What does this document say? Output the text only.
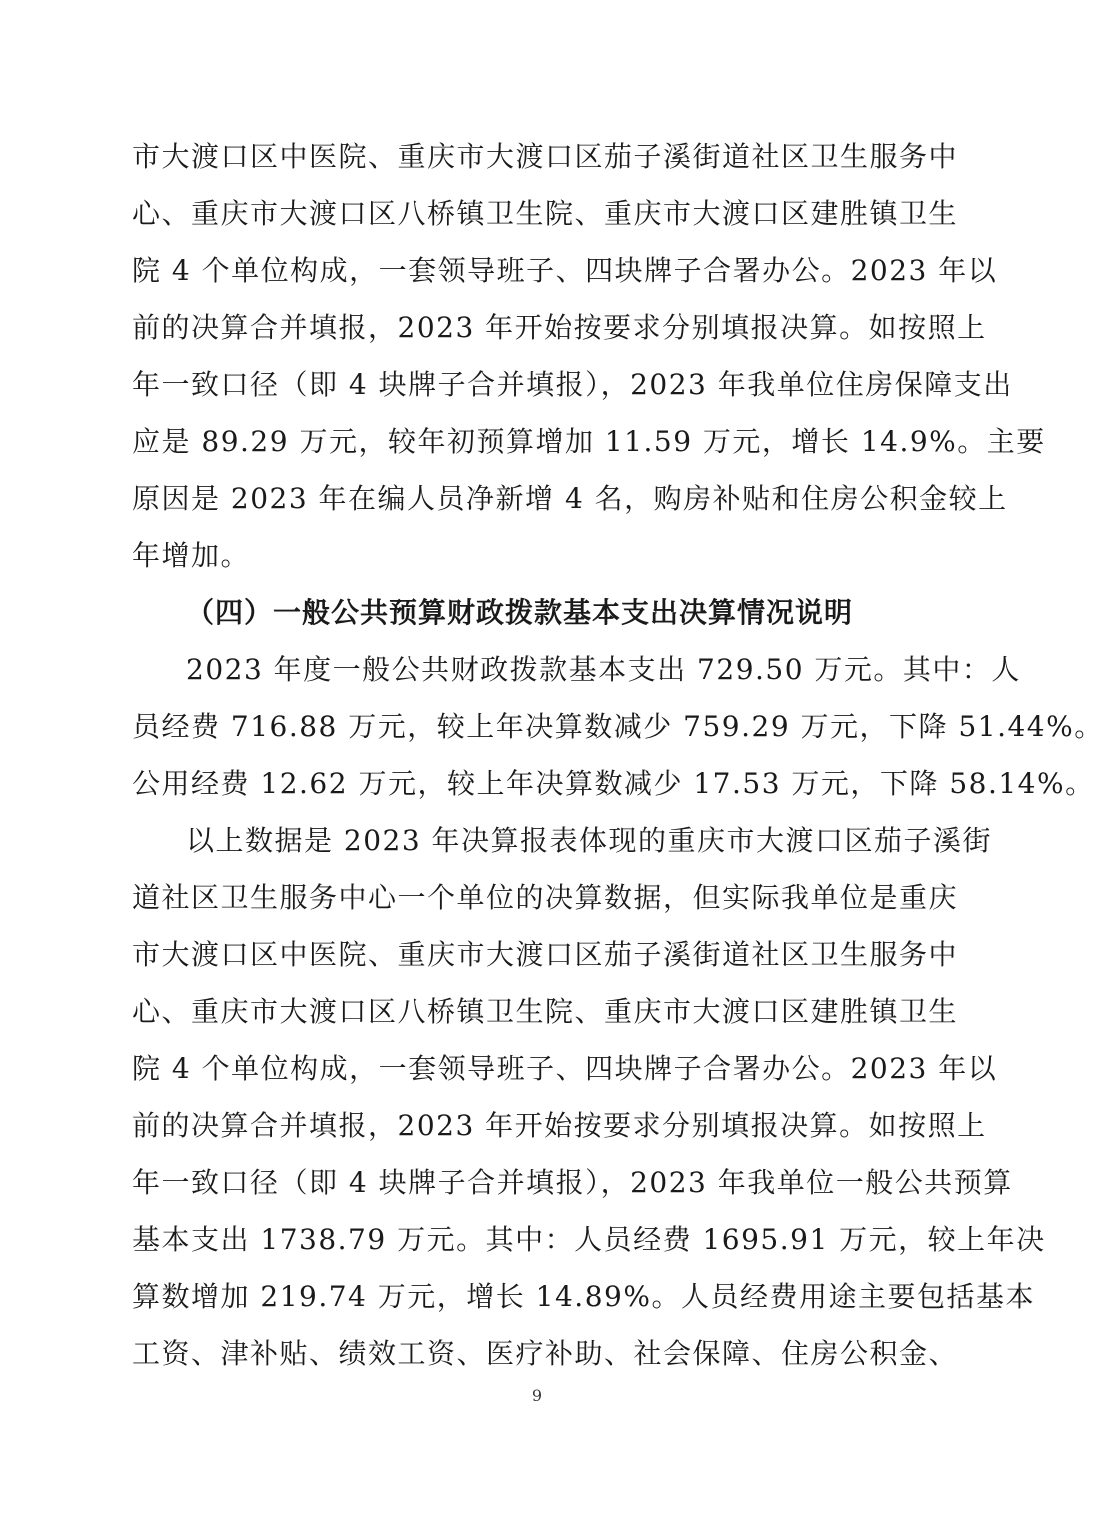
市大渡口区中医院、重庆市大渡口区茄子溪街道社区卫生服务中
心、重庆市大渡口区八桥镇卫生院、重庆市大渡口区建胜镇卫生
院 4 个单位构成，一套领导班子、四块牌子合署办公。2023 年以
前的决算合并填报，2023 年开始按要求分别填报决算。如按照上
年一致口径（即 4 块牌子合并填报），2023 年我单位住房保障支出
应是 89.29 万元，较年初预算增加 11.59 万元，增长 14.9%。主要
原因是 2023 年在编人员净新增 4 名，购房补贴和住房公积金较上
年增加。
（四）一般公共预算财政拨款基本支出决算情况说明
2023 年度一般公共财政拨款基本支出 729.50 万元。其中：人
员经费 716.88 万元，较上年决算数减少 759.29 万元，下降 51.44%。
公用经费 12.62 万元，较上年决算数减少 17.53 万元，下降 58.14%。
以上数据是 2023 年决算报表体现的重庆市大渡口区茄子溪街
道社区卫生服务中心一个单位的决算数据，但实际我单位是重庆
市大渡口区中医院、重庆市大渡口区茄子溪街道社区卫生服务中
心、重庆市大渡口区八桥镇卫生院、重庆市大渡口区建胜镇卫生
院 4 个单位构成，一套领导班子、四块牌子合署办公。2023 年以
前的决算合并填报，2023 年开始按要求分别填报决算。如按照上
年一致口径（即 4 块牌子合并填报），2023 年我单位一般公共预算
基本支出 1738.79 万元。其中：人员经费 1695.91 万元，较上年决
算数增加 219.74 万元，增长 14.89%。人员经费用途主要包括基本
工资、津补贴、绩效工资、医疗补助、社会保障、住房公积金、
9
